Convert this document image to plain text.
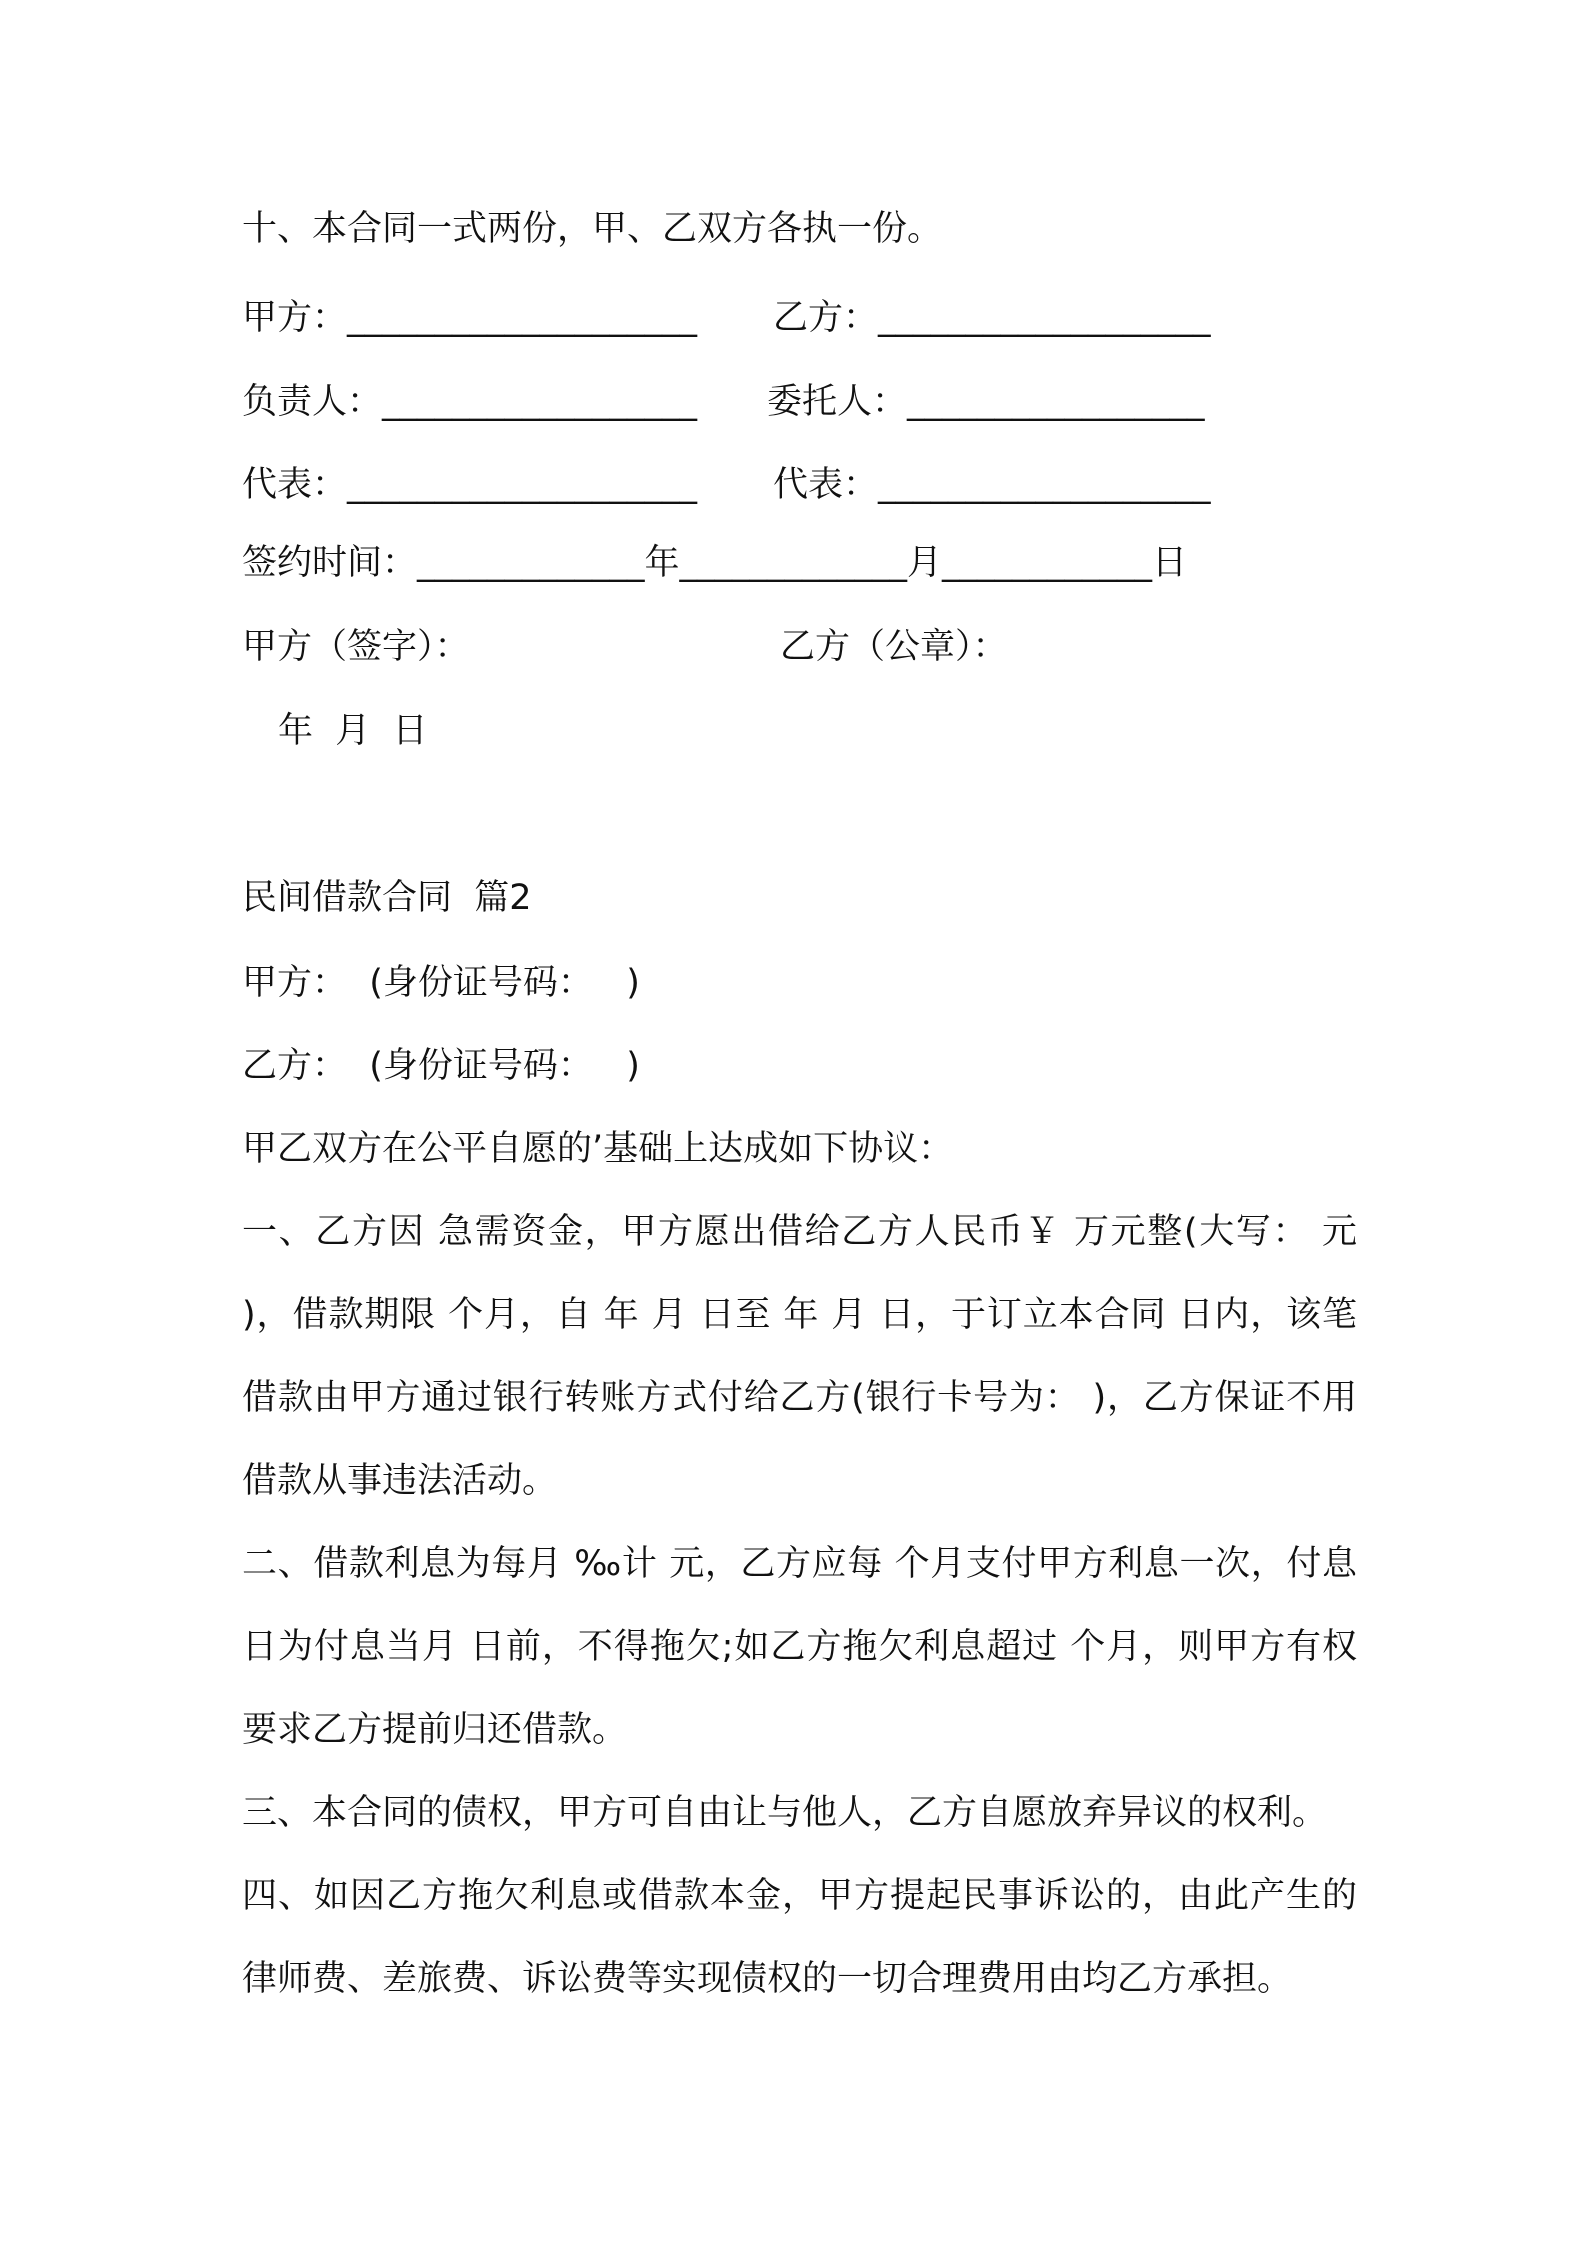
十、本合同一式两份，甲、乙双方各执一份。
甲方：____________________ 乙方：___________________
负责人：__________________ 委托人：_________________
代表：____________________ 代表：___________________
签约时间：_____________年_____________月____________日
甲方（签字）：	乙方（公章）：
年  月  日
民间借款合同  篇2
甲方：  (身份证号码：   )
乙方：  (身份证号码：   )
甲乙双方在公平自愿的’基础上达成如下协议：
一、乙方因 急需资金，甲方愿出借给乙方人民币￥ 万元整(大写： 元 )，借款期限 个月，自 年 月 日至 年 月 日，于订立本合同 日内，该笔借款由甲方通过银行转账方式付给乙方(银行卡号为： )，乙方保证不用借款从事违法活动。
二、借款利息为每月 ‰计 元，乙方应每 个月支付甲方利息一次，付息日为付息当月 日前，不得拖欠;如乙方拖欠利息超过 个月，则甲方有权要求乙方提前归还借款。
三、本合同的债权，甲方可自由让与他人，乙方自愿放弃异议的权利。
四、如因乙方拖欠利息或借款本金，甲方提起民事诉讼的，由此产生的律师费、差旅费、诉讼费等实现债权的一切合理费用由均乙方承担。
